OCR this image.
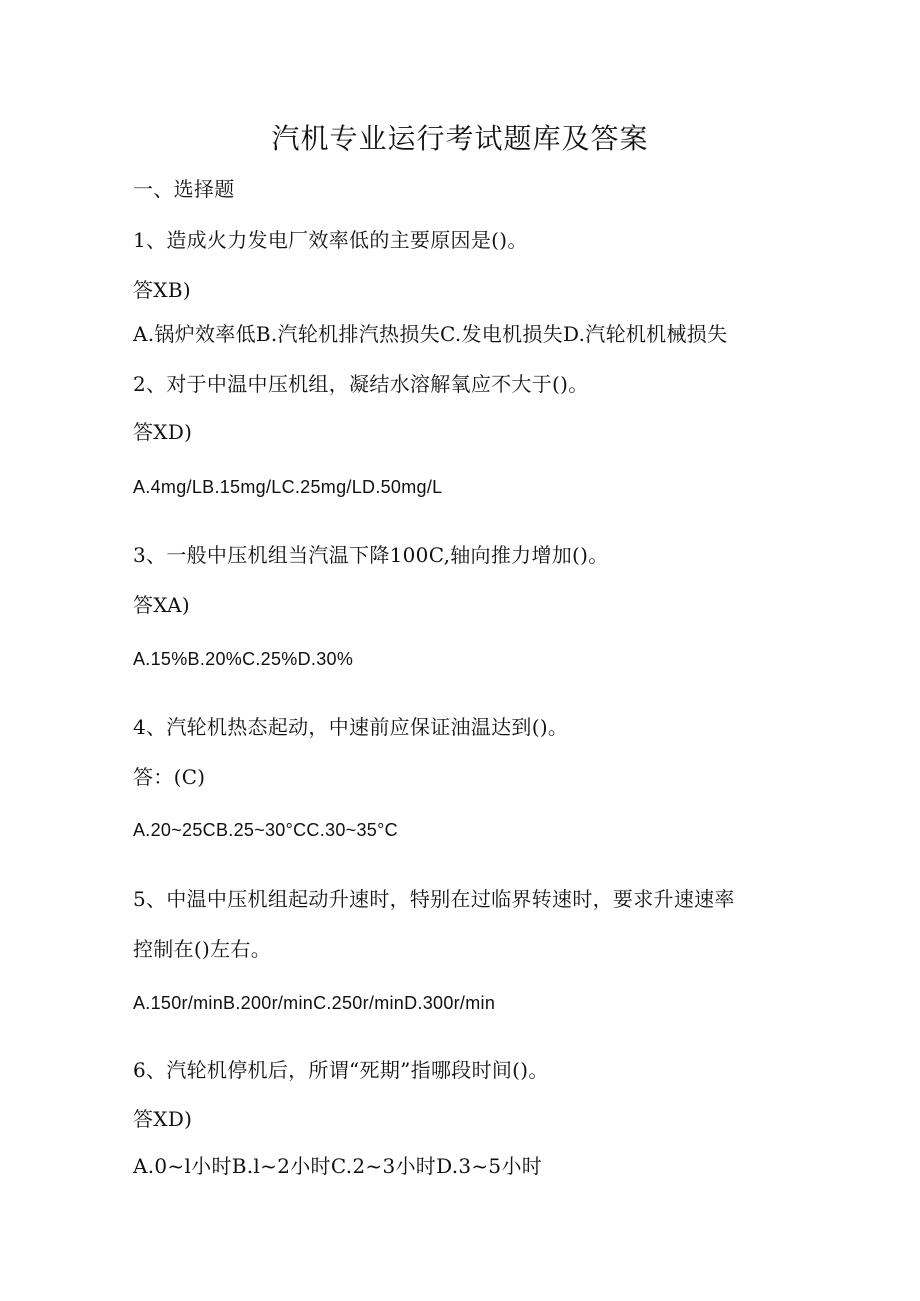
汽机专业运行考试题库及答案
一、选择题
1、造成火力发电厂效率低的主要原因是()。
答XB)
A.锅炉效率低B.汽轮机排汽热损失C.发电机损失D.汽轮机机械损失
2、对于中温中压机组，凝结水溶解氧应不大于()。
答XD)
A.4mg/LB.15mg/LC.25mg/LD.50mg/L
3、一般中压机组当汽温下降100C,轴向推力增加()。
答XA)
A.15%B.20%C.25%D.30%
4、汽轮机热态起动，中速前应保证油温达到()。
答：(C)
A.20~25CB.25~30°CC.30~35°C
5、中温中压机组起动升速时，特别在过临界转速时，要求升速速率
控制在()左右。
A.150r/minB.200r/minC.250r/minD.300r/min
6、汽轮机停机后，所谓“死期”指哪段时间()。
答XD)
A.0~l小时B.l~2小时C.2~3小时D.3~5小时
